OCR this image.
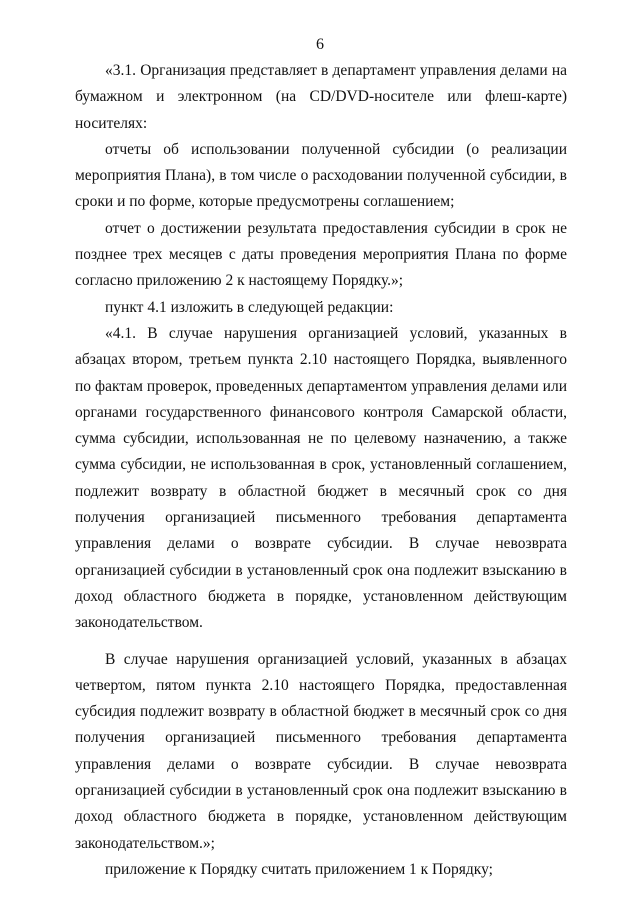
6

«3.1. Организация представляет в департамент управления делами на бумажном и электронном (на CD/DVD-носителе или флеш-карте) носителях:

отчеты об использовании полученной субсидии (о реализации мероприятия Плана), в том числе о расходовании полученной субсидии, в сроки и по форме, которые предусмотрены соглашением;

отчет о достижении результата предоставления субсидии в срок не позднее трех месяцев с даты проведения мероприятия Плана по форме согласно приложению 2 к настоящему Порядку.»;

пункт 4.1 изложить в следующей редакции:

«4.1. В случае нарушения организацией условий, указанных в абзацах втором, третьем пункта 2.10 настоящего Порядка, выявленного по фактам проверок, проведенных департаментом управления делами или органами государственного финансового контроля Самарской области, сумма субсидии, использованная не по целевому назначению, а также сумма субсидии, не использованная в срок, установленный соглашением, подлежит возврату в областной бюджет в месячный срок со дня получения организацией письменного требования департамента управления делами о возврате субсидии. В случае невозврата организацией субсидии в установленный срок она подлежит взысканию в доход областного бюджета в порядке, установленном действующим законодательством.

В случае нарушения организацией условий, указанных в абзацах четвертом, пятом пункта 2.10 настоящего Порядка, предоставленная субсидия подлежит возврату в областной бюджет в месячный срок со дня получения организацией письменного требования департамента управления делами о возврате субсидии. В случае невозврата организацией субсидии в установленный срок она подлежит взысканию в доход областного бюджета в порядке, установленном действующим законодательством.»;

приложение к Порядку считать приложением 1 к Порядку;
